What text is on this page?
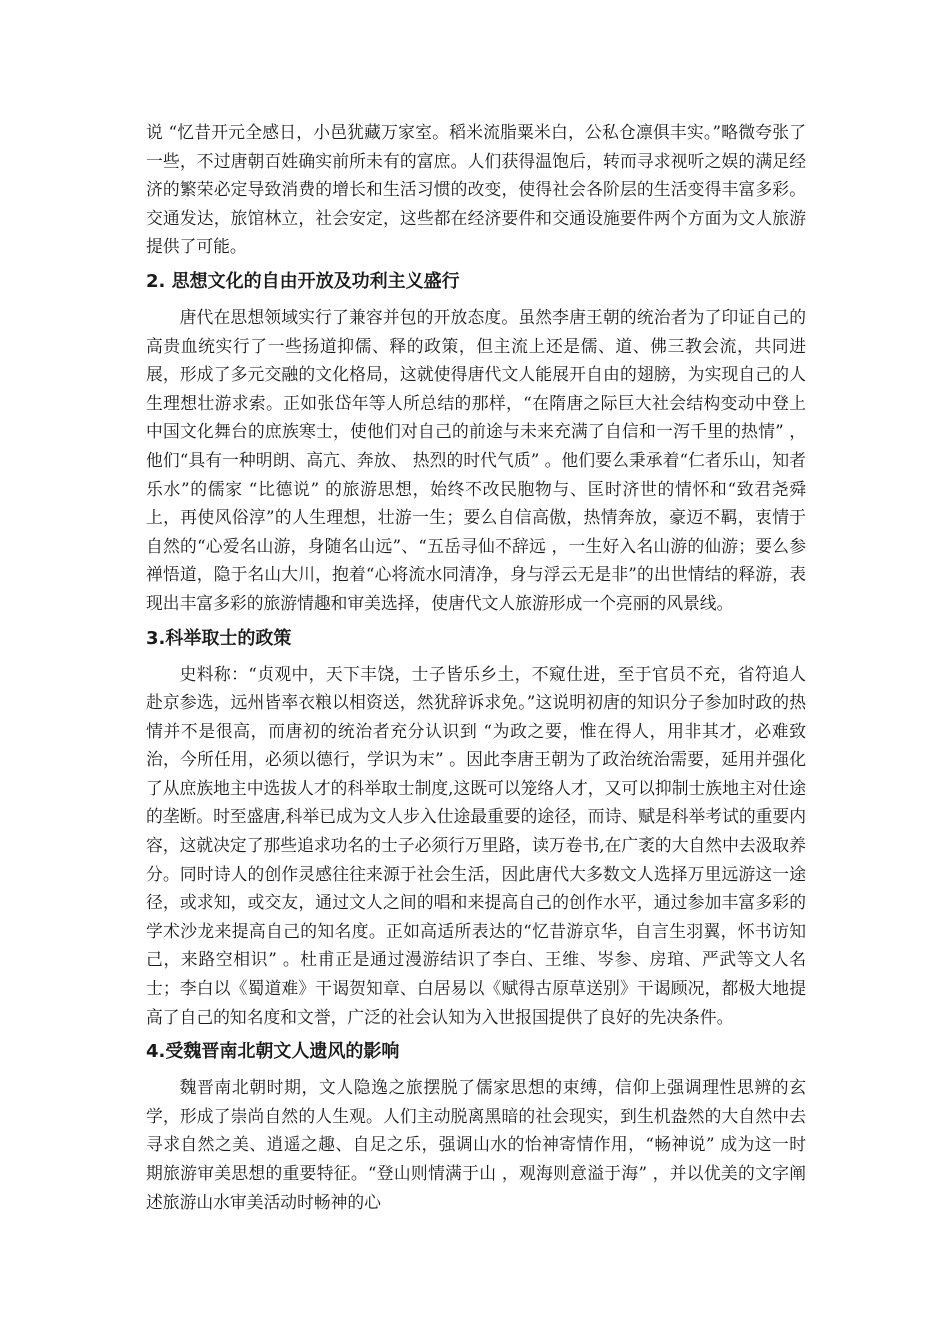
说 “忆昔开元全感日，小邑犹藏万家室。稻米流脂粟米白，公私仓凛俱丰实。”略微夸张了一些，不过唐朝百姓确实前所未有的富庶。人们获得温饱后，转而寻求视听之娱的满足经济的繁荣必定导致消费的增长和生活习惯的改变，使得社会各阶层的生活变得丰富多彩。交通发达，旅馆林立，社会安定，这些都在经济要件和交通设施要件两个方面为文人旅游提供了可能。

2. 思想文化的自由开放及功利主义盛行

唐代在思想领域实行了兼容并包的开放态度。虽然李唐王朝的统治者为了印证自己的高贵血统实行了一些扬道抑儒、释的政策，但主流上还是儒、道、佛三教会流，共同进展，形成了多元交融的文化格局，这就使得唐代文人能展开自由的翅膀，为实现自己的人生理想壮游求索。正如张岱年等人所总结的那样，“在隋唐之际巨大社会结构变动中登上中国文化舞台的庶族寒士，使他们对自己的前途与未来充满了自信和一泻千里的热情” ，他们“具有一种明朗、高亢、奔放、 热烈的时代气质” 。他们要么秉承着“仁者乐山，知者乐水”的儒家 “比德说” 的旅游思想，始终不改民胞物与、匡时济世的情怀和“致君尧舜上，再使风俗淳”的人生理想，壮游一生；要么自信高傲，热情奔放，豪迈不羁，衷情于自然的“心爱名山游，身随名山远”、“五岳寻仙不辞远 ，一生好入名山游的仙游；要么参禅悟道，隐于名山大川，抱着“心将流水同清净，身与浮云无是非”的出世情结的释游，表现出丰富多彩的旅游情趣和审美选择，使唐代文人旅游形成一个亮丽的风景线。

3.科举取士的政策

史料称：“贞观中，天下丰饶，士子皆乐乡土，不窥仕进，至于官员不充，省符追人赴京参选，远州皆率衣粮以相资送，然犹辞诉求免。”这说明初唐的知识分子参加时政的热情并不是很高，而唐初的统治者充分认识到 “为政之要，惟在得人，用非其才，必难致治，今所任用，必须以德行，学识为末” 。因此李唐王朝为了政治统治需要，延用并强化了从庶族地主中选拔人才的科举取士制度,这既可以笼络人才，又可以抑制士族地主对仕途的垄断。时至盛唐,科举已成为文人步入仕途最重要的途径，而诗、赋是科举考试的重要内容，这就决定了那些追求功名的士子必须行万里路，读万卷书,在广袤的大自然中去汲取养分。同时诗人的创作灵感往往来源于社会生活，因此唐代大多数文人选择万里远游这一途径，或求知，或交友，通过文人之间的唱和来提高自己的创作水平，通过参加丰富多彩的学术沙龙来提高自己的知名度。正如高适所表达的“忆昔游京华，自言生羽翼，怀书访知己，来路空相识” 。杜甫正是通过漫游结识了李白、王维、岑参、房琯、严武等文人名士；李白以《蜀道难》干谒贺知章、白居易以《赋得古原草送别》干谒顾况，都极大地提高了自己的知名度和文誉，广泛的社会认知为入世报国提供了良好的先决条件。

4.受魏晋南北朝文人遗风的影响

魏晋南北朝时期，文人隐逸之旅摆脱了儒家思想的束缚，信仰上强调理性思辨的玄学，形成了崇尚自然的人生观。人们主动脱离黑暗的社会现实，到生机盎然的大自然中去寻求自然之美、逍遥之趣、自足之乐，强调山水的怡神寄情作用，“畅神说” 成为这一时期旅游审美思想的重要特征。“登山则情满于山 ，观海则意溢于海” ，并以优美的文字阐述旅游山水审美活动时畅神的心
